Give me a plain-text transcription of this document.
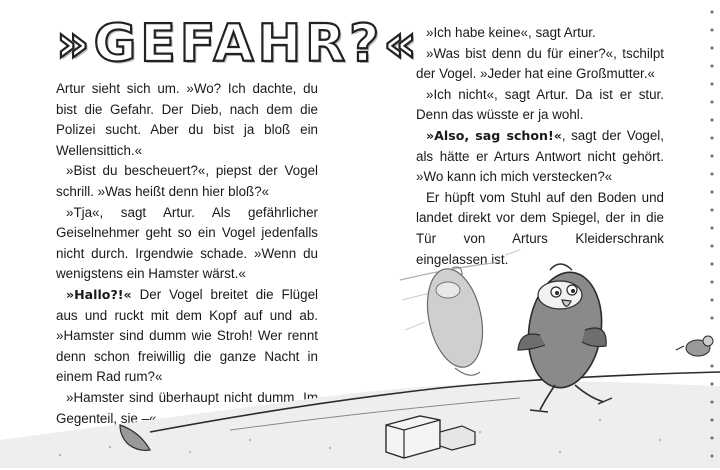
»GEFAHR?«

Artur sieht sich um. »Wo? Ich dachte, du bist die Gefahr. Der Dieb, nach dem die Polizei sucht. Aber du bist ja bloß ein Wellensittich.«

»Bist du bescheuert?«, piepst der Vogel schrill. »Was heißt denn hier bloß?«

»Tja«, sagt Artur. Als gefährlicher Geiselnehmer geht so ein Vogel jedenfalls nicht durch. Irgendwie schade. »Wenn du wenigstens ein Hamster wärst.«

»Hallo?!« Der Vogel breitet die Flügel aus und ruckt mit dem Kopf auf und ab. »Hamster sind dumm wie Stroh! Wer rennt denn schon freiwillig die ganze Nacht in einem Rad rum?«

»Hamster sind überhaupt nicht dumm. Im Gegenteil, sie –«

»Ich habe keine«, sagt Artur.

»Was bist denn du für einer?«, tschilpt der Vogel. »Jeder hat eine Großmutter.«

»Ich nicht«, sagt Artur. Da ist er stur. Denn das wüsste er ja wohl.

»Also, sag schon!«, sagt der Vogel, als hätte er Arturs Antwort nicht gehört. »Wo kann ich mich verstecken?«

Er hüpft vom Stuhl auf den Boden und landet direkt vor dem Spiegel, der in die Tür von Arturs Kleiderschrank eingelassen ist.
